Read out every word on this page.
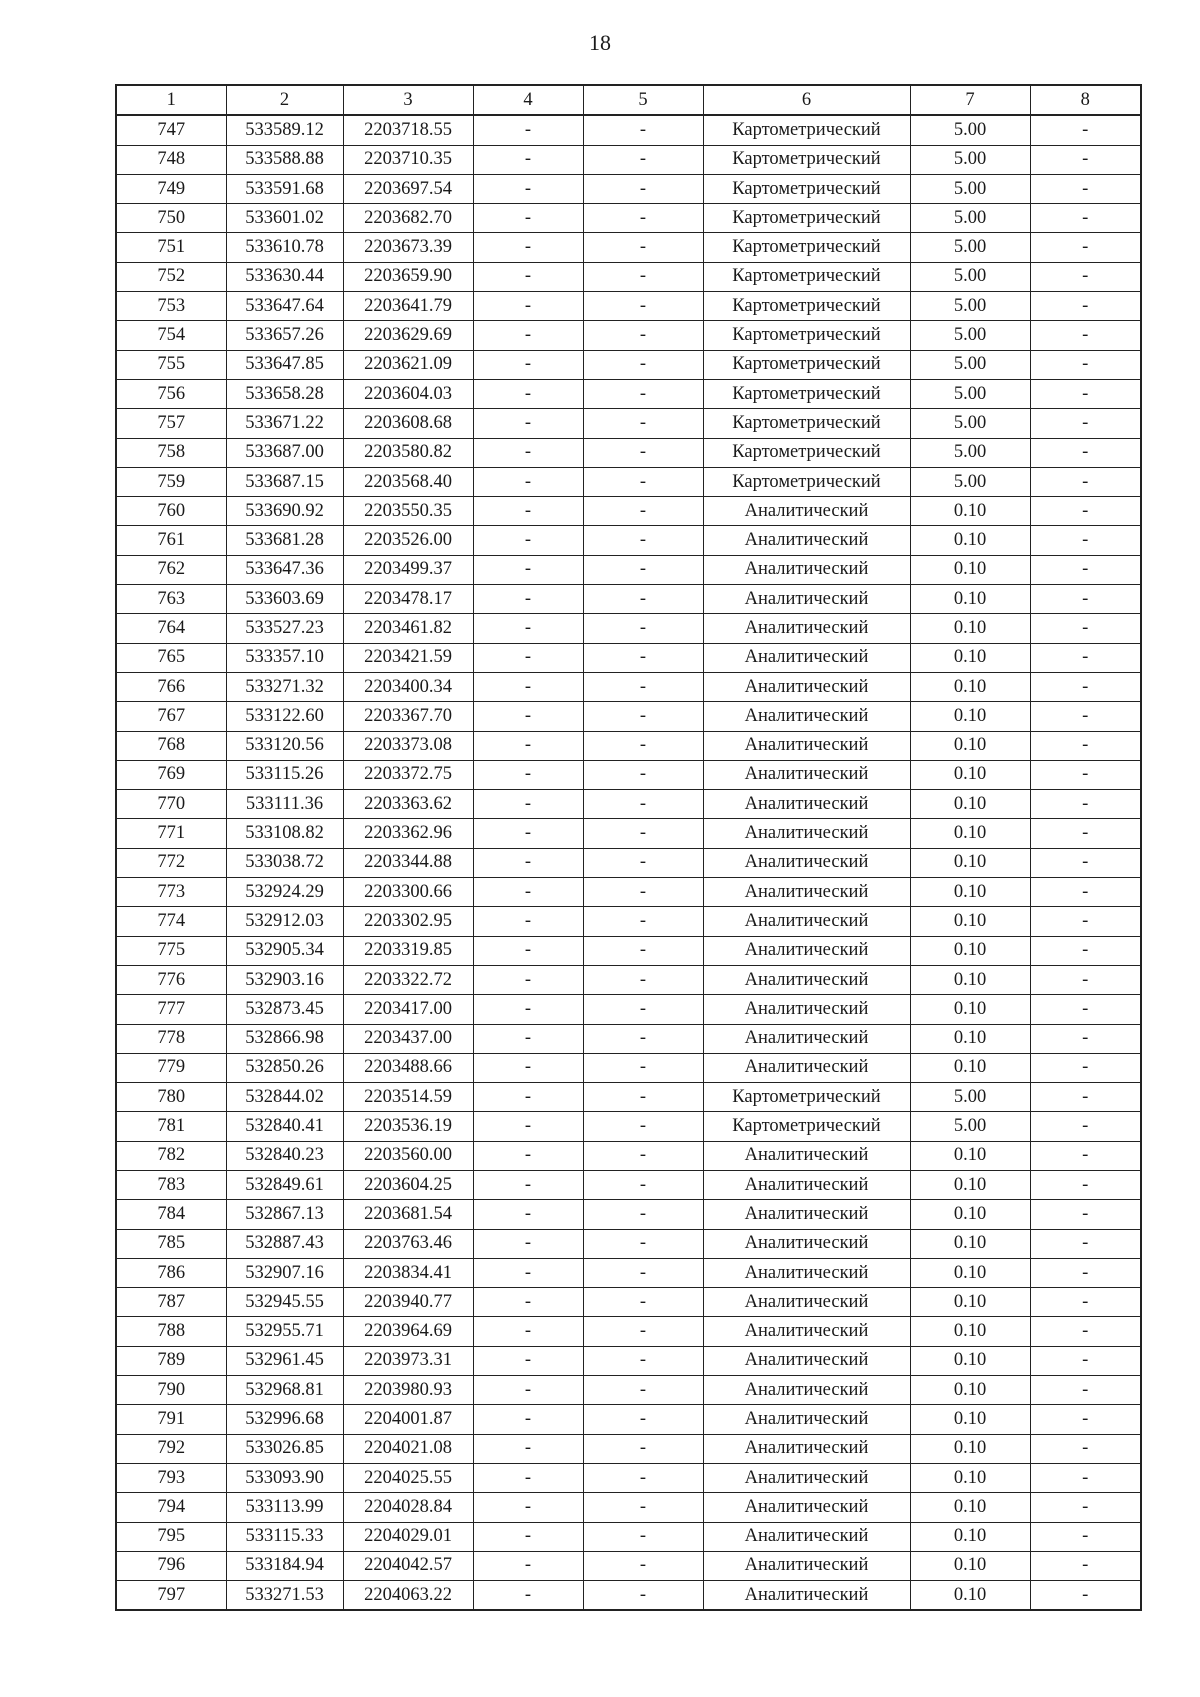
18
1	2	3	4	5	6	7	8
747	533589.12	2203718.55	-	-	Картометрический	5.00	-
748	533588.88	2203710.35	-	-	Картометрический	5.00	-
749	533591.68	2203697.54	-	-	Картометрический	5.00	-
750	533601.02	2203682.70	-	-	Картометрический	5.00	-
751	533610.78	2203673.39	-	-	Картометрический	5.00	-
752	533630.44	2203659.90	-	-	Картометрический	5.00	-
753	533647.64	2203641.79	-	-	Картометрический	5.00	-
754	533657.26	2203629.69	-	-	Картометрический	5.00	-
755	533647.85	2203621.09	-	-	Картометрический	5.00	-
756	533658.28	2203604.03	-	-	Картометрический	5.00	-
757	533671.22	2203608.68	-	-	Картометрический	5.00	-
758	533687.00	2203580.82	-	-	Картометрический	5.00	-
759	533687.15	2203568.40	-	-	Картометрический	5.00	-
760	533690.92	2203550.35	-	-	Аналитический	0.10	-
761	533681.28	2203526.00	-	-	Аналитический	0.10	-
762	533647.36	2203499.37	-	-	Аналитический	0.10	-
763	533603.69	2203478.17	-	-	Аналитический	0.10	-
764	533527.23	2203461.82	-	-	Аналитический	0.10	-
765	533357.10	2203421.59	-	-	Аналитический	0.10	-
766	533271.32	2203400.34	-	-	Аналитический	0.10	-
767	533122.60	2203367.70	-	-	Аналитический	0.10	-
768	533120.56	2203373.08	-	-	Аналитический	0.10	-
769	533115.26	2203372.75	-	-	Аналитический	0.10	-
770	533111.36	2203363.62	-	-	Аналитический	0.10	-
771	533108.82	2203362.96	-	-	Аналитический	0.10	-
772	533038.72	2203344.88	-	-	Аналитический	0.10	-
773	532924.29	2203300.66	-	-	Аналитический	0.10	-
774	532912.03	2203302.95	-	-	Аналитический	0.10	-
775	532905.34	2203319.85	-	-	Аналитический	0.10	-
776	532903.16	2203322.72	-	-	Аналитический	0.10	-
777	532873.45	2203417.00	-	-	Аналитический	0.10	-
778	532866.98	2203437.00	-	-	Аналитический	0.10	-
779	532850.26	2203488.66	-	-	Аналитический	0.10	-
780	532844.02	2203514.59	-	-	Картометрический	5.00	-
781	532840.41	2203536.19	-	-	Картометрический	5.00	-
782	532840.23	2203560.00	-	-	Аналитический	0.10	-
783	532849.61	2203604.25	-	-	Аналитический	0.10	-
784	532867.13	2203681.54	-	-	Аналитический	0.10	-
785	532887.43	2203763.46	-	-	Аналитический	0.10	-
786	532907.16	2203834.41	-	-	Аналитический	0.10	-
787	532945.55	2203940.77	-	-	Аналитический	0.10	-
788	532955.71	2203964.69	-	-	Аналитический	0.10	-
789	532961.45	2203973.31	-	-	Аналитический	0.10	-
790	532968.81	2203980.93	-	-	Аналитический	0.10	-
791	532996.68	2204001.87	-	-	Аналитический	0.10	-
792	533026.85	2204021.08	-	-	Аналитический	0.10	-
793	533093.90	2204025.55	-	-	Аналитический	0.10	-
794	533113.99	2204028.84	-	-	Аналитический	0.10	-
795	533115.33	2204029.01	-	-	Аналитический	0.10	-
796	533184.94	2204042.57	-	-	Аналитический	0.10	-
797	533271.53	2204063.22	-	-	Аналитический	0.10	-
